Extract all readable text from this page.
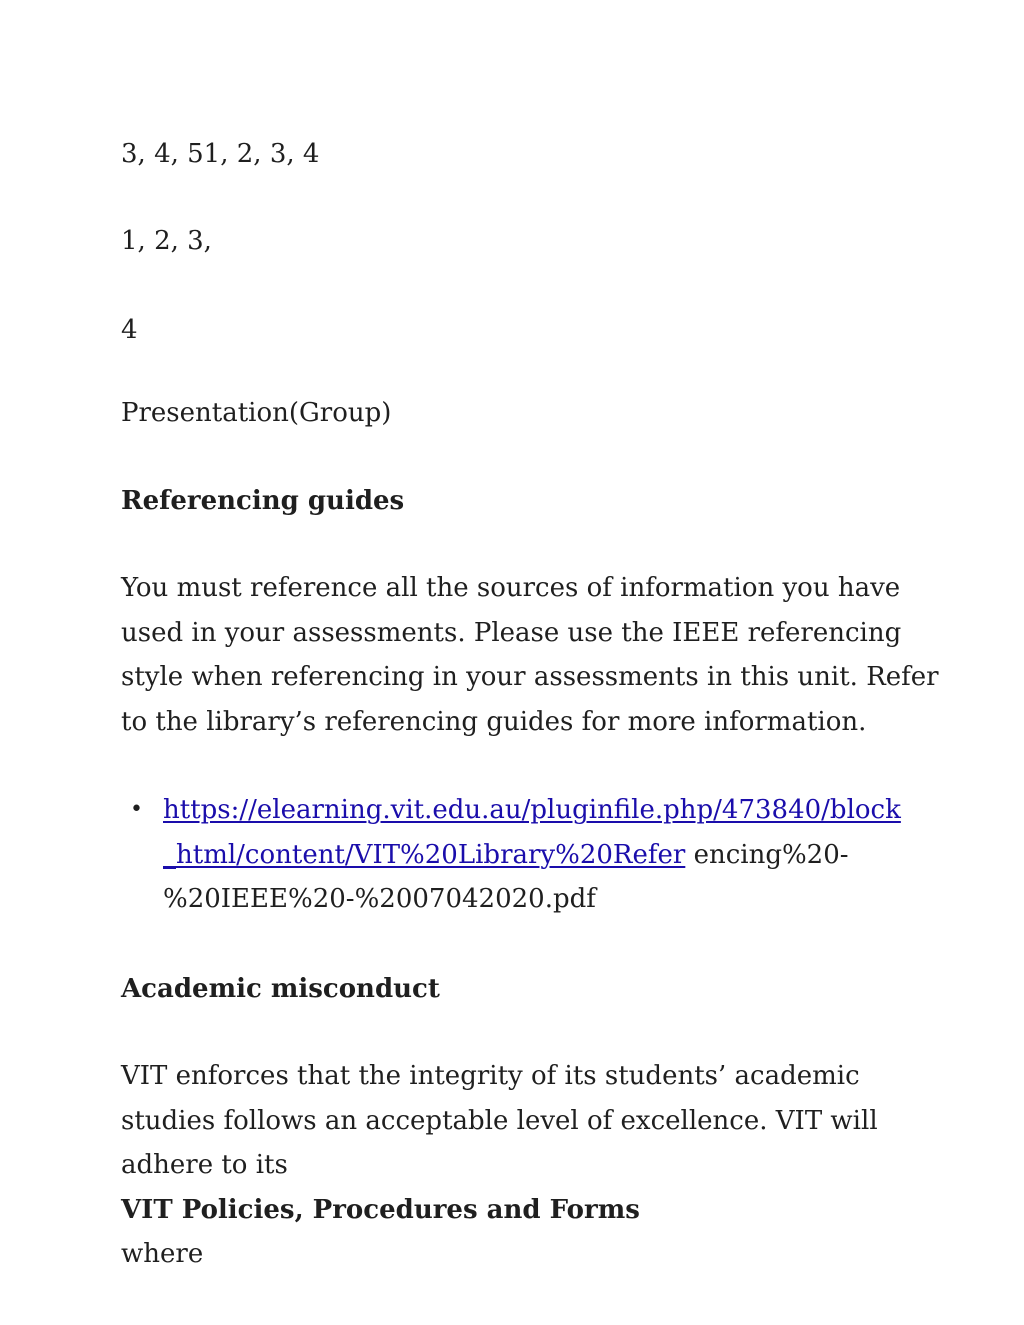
3, 4, 51, 2, 3, 4
1, 2, 3,
4
Presentation(Group)
Referencing guides
You must reference all the sources of information you have
used in your assessments. Please use the IEEE referencing
style when referencing in your assessments in this unit. Refer
to the library’s referencing guides for more information.
• https://elearning.vit.edu.au/pluginfile.php/473840/block
_html/content/VIT%20Library%20Refer encing%20-
%20IEEE%20-%2007042020.pdf
Academic misconduct
VIT enforces that the integrity of its students’ academic
studies follows an acceptable level of excellence. VIT will
adhere to its
VIT Policies, Procedures and Forms
where
